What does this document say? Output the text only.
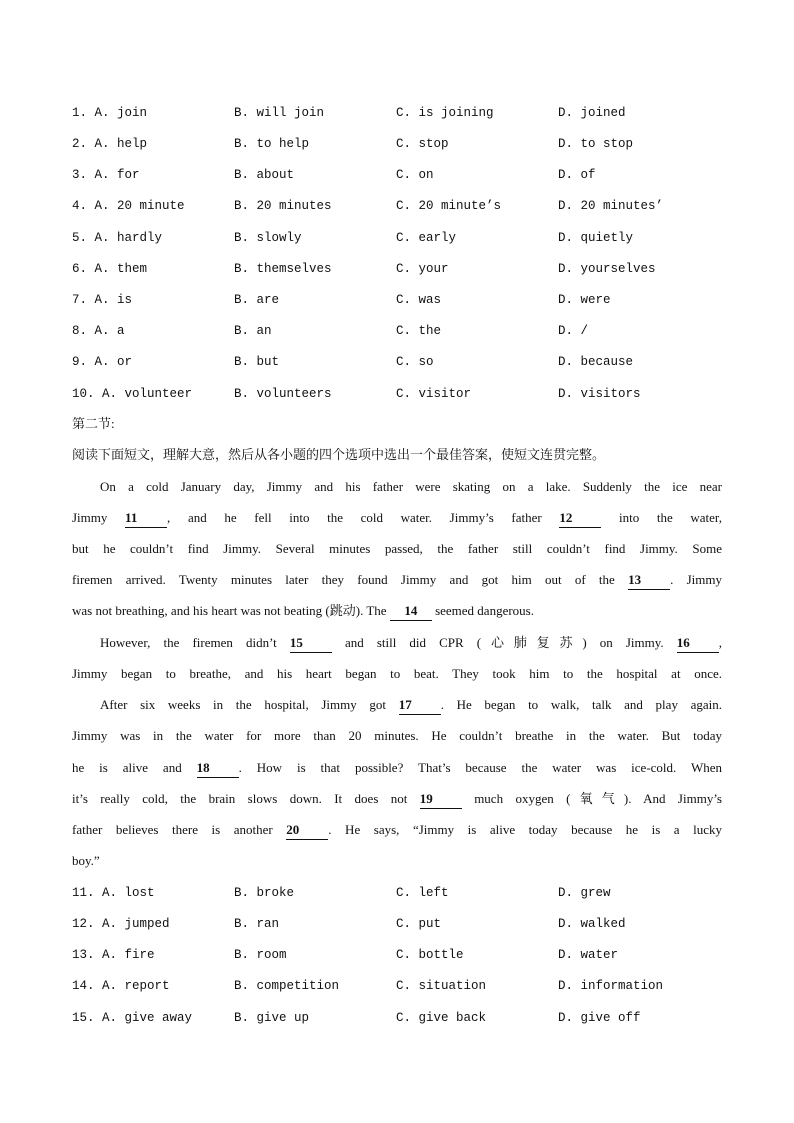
1. A. join	B. will join	C. is joining	D. joined
2. A. help	B. to help	C. stop	D. to stop
3. A. for	B. about	C. on	D. of
4. A. 20 minute	B. 20 minutes	C. 20 minute’s	D. 20 minutes’
5. A. hardly	B. slowly	C. early	D. quietly
6. A. them	B. themselves	C. your	D. yourselves
7. A. is	B. are	C. was	D. were
8. A. a	B. an	C. the	D. /
9. A. or	B. but	C. so	D. because
10. A. volunteer	B. volunteers	C. visitor	D. visitors
第二节:
阅读下面短文，理解大意，然后从各小题的四个选项中选出一个最佳答案，使短文连贯完整。
On a cold January day, Jimmy and his father were skating on a lake. Suddenly the ice near
Jimmy 11 , and he fell into the cold water. Jimmy’s father 12 into the water,
but he couldn’t find Jimmy. Several minutes passed, the father still couldn’t find Jimmy. Some
firemen arrived. Twenty minutes later they found Jimmy and got him out of the 13 . Jimmy
was not breathing, and his heart was not beating (跳动). The 14 seemed dangerous.
However, the firemen didn’t 15 and still did CPR (心肺复苏) on Jimmy. 16 ,
Jimmy began to breathe, and his heart began to beat. They took him to the hospital at once.
After six weeks in the hospital, Jimmy got 17 . He began to walk, talk and play again.
Jimmy was in the water for more than 20 minutes. He couldn’t breathe in the water. But today
he is alive and 18 . How is that possible? That’s because the water was ice-cold. When
it’s really cold, the brain slows down. It does not 19 much oxygen (氧气). And Jimmy’s
father believes there is another 20 . He says, “Jimmy is alive today because he is a lucky
boy.”
11. A. lost	B. broke	C. left	D. grew
12. A. jumped	B. ran	C. put	D. walked
13. A. fire	B. room	C. bottle	D. water
14. A. report	B. competition	C. situation	D. information
15. A. give away	B. give up	C. give back	D. give off
